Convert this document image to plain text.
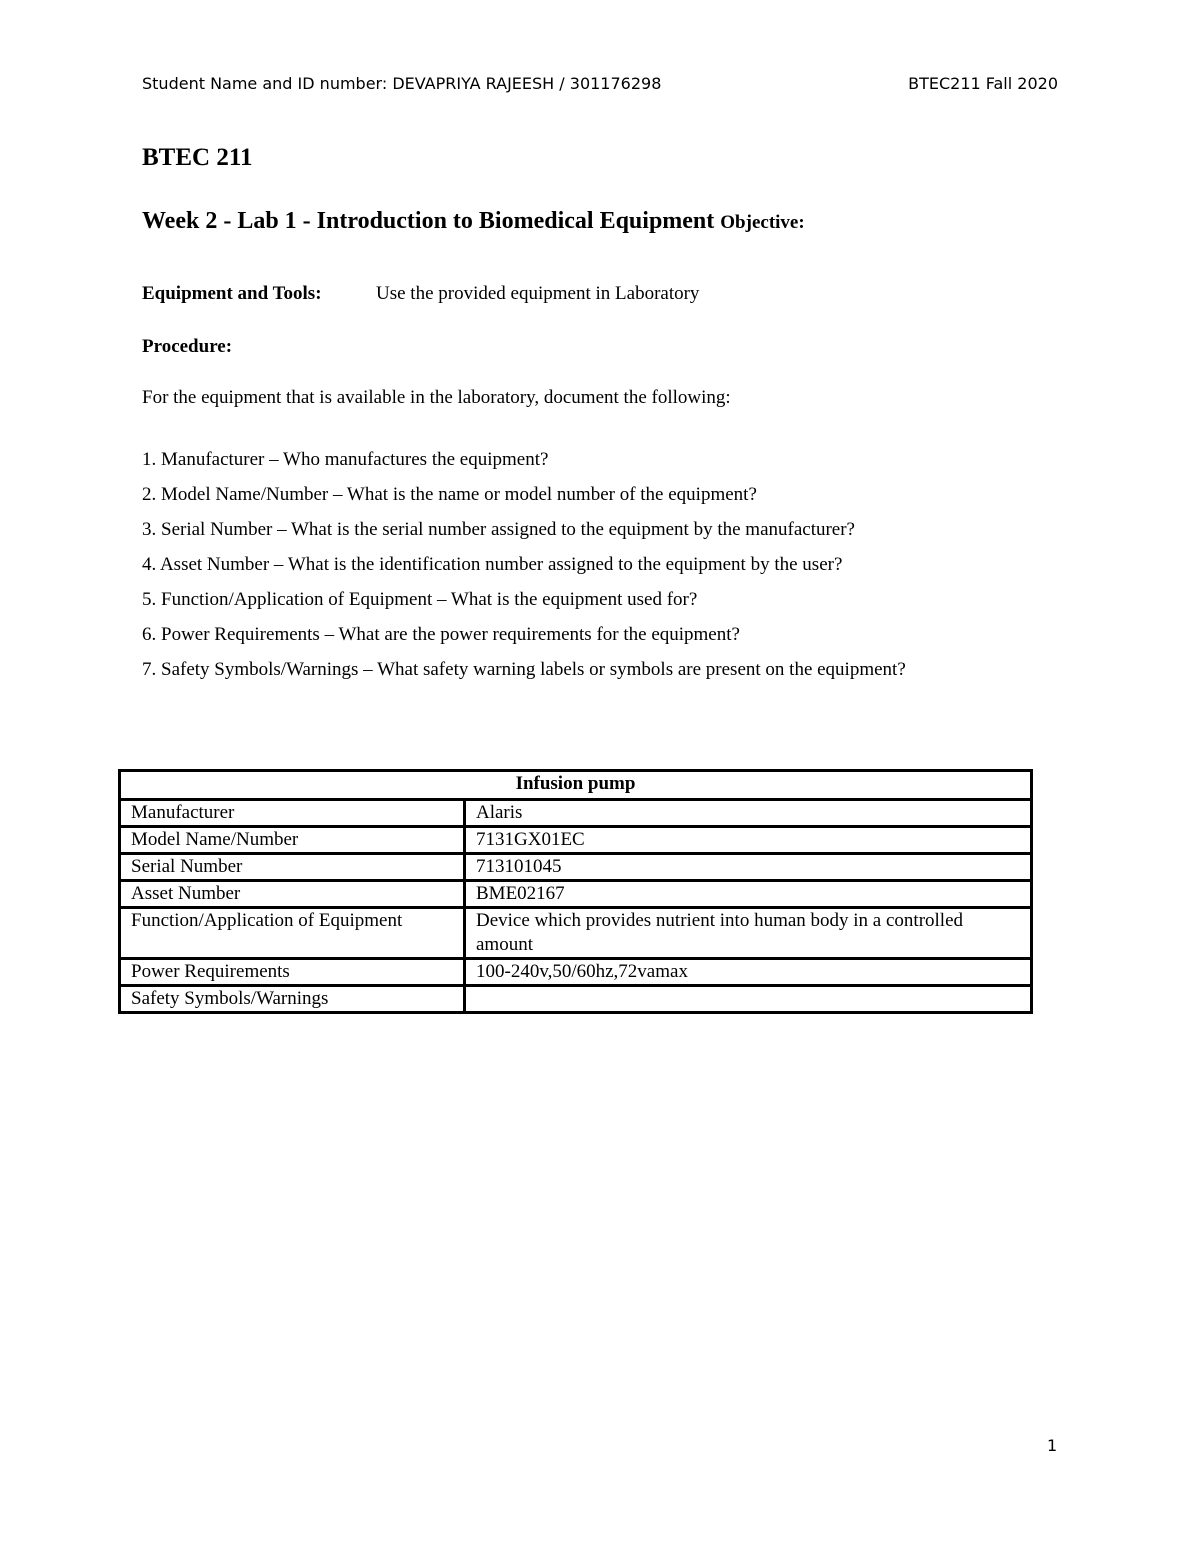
Student Name and ID number: DEVAPRIYA RAJEESH / 301176298	BTEC211 Fall 2020
BTEC 211
Week 2 - Lab 1 - Introduction to Biomedical Equipment Objective:
Equipment and Tools:	Use the provided equipment in Laboratory
Procedure:
For the equipment that is available in the laboratory, document the following:
1. Manufacturer – Who manufactures the equipment?
2. Model Name/Number – What is the name or model number of the equipment?
3. Serial Number – What is the serial number assigned to the equipment by the manufacturer?
4. Asset Number – What is the identification number assigned to the equipment by the user?
5. Function/Application of Equipment – What is the equipment used for?
6. Power Requirements – What are the power requirements for the equipment?
7. Safety Symbols/Warnings – What safety warning labels or symbols are present on the equipment?
Infusion pump	
Manufacturer	Alaris
Model Name/Number	7131GX01EC
Serial Number	713101045
Asset Number	BME02167
Function/Application of Equipment	Device which provides nutrient into human body in a controlled amount
Power Requirements	100-240v,50/60hz,72vamax
Safety Symbols/Warnings	
1
